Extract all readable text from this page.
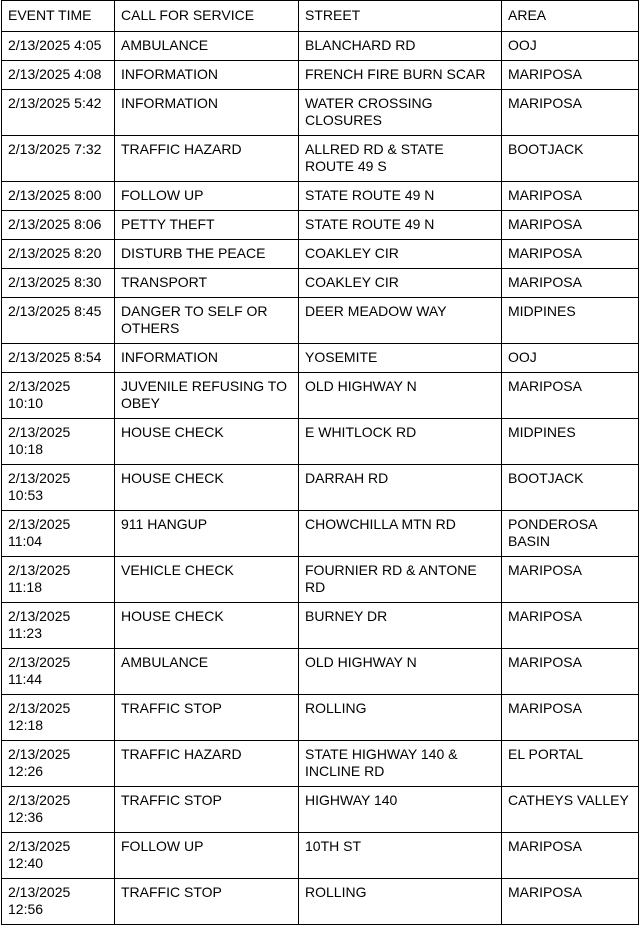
EVENT TIME	CALL FOR SERVICE	STREET	AREA
2/13/2025 4:05	AMBULANCE	BLANCHARD RD	OOJ
2/13/2025 4:08	INFORMATION	FRENCH FIRE BURN SCAR	MARIPOSA
2/13/2025 5:42	INFORMATION	WATER CROSSING CLOSURES	MARIPOSA
2/13/2025 7:32	TRAFFIC HAZARD	ALLRED RD & STATE ROUTE 49 S	BOOTJACK
2/13/2025 8:00	FOLLOW UP	STATE ROUTE 49 N	MARIPOSA
2/13/2025 8:06	PETTY THEFT	STATE ROUTE 49 N	MARIPOSA
2/13/2025 8:20	DISTURB THE PEACE	COAKLEY CIR	MARIPOSA
2/13/2025 8:30	TRANSPORT	COAKLEY CIR	MARIPOSA
2/13/2025 8:45	DANGER TO SELF OR OTHERS	DEER MEADOW WAY	MIDPINES
2/13/2025 8:54	INFORMATION	YOSEMITE	OOJ
2/13/2025 10:10	JUVENILE REFUSING TO OBEY	OLD HIGHWAY N	MARIPOSA
2/13/2025 10:18	HOUSE CHECK	E WHITLOCK RD	MIDPINES
2/13/2025 10:53	HOUSE CHECK	DARRAH RD	BOOTJACK
2/13/2025 11:04	911 HANGUP	CHOWCHILLA MTN RD	PONDEROSA BASIN
2/13/2025 11:18	VEHICLE CHECK	FOURNIER RD & ANTONE RD	MARIPOSA
2/13/2025 11:23	HOUSE CHECK	BURNEY DR	MARIPOSA
2/13/2025 11:44	AMBULANCE	OLD HIGHWAY N	MARIPOSA
2/13/2025 12:18	TRAFFIC STOP	ROLLING	MARIPOSA
2/13/2025 12:26	TRAFFIC HAZARD	STATE HIGHWAY 140 & INCLINE RD	EL PORTAL
2/13/2025 12:36	TRAFFIC STOP	HIGHWAY 140	CATHEYS VALLEY
2/13/2025 12:40	FOLLOW UP	10TH ST	MARIPOSA
2/13/2025 12:56	TRAFFIC STOP	ROLLING	MARIPOSA
